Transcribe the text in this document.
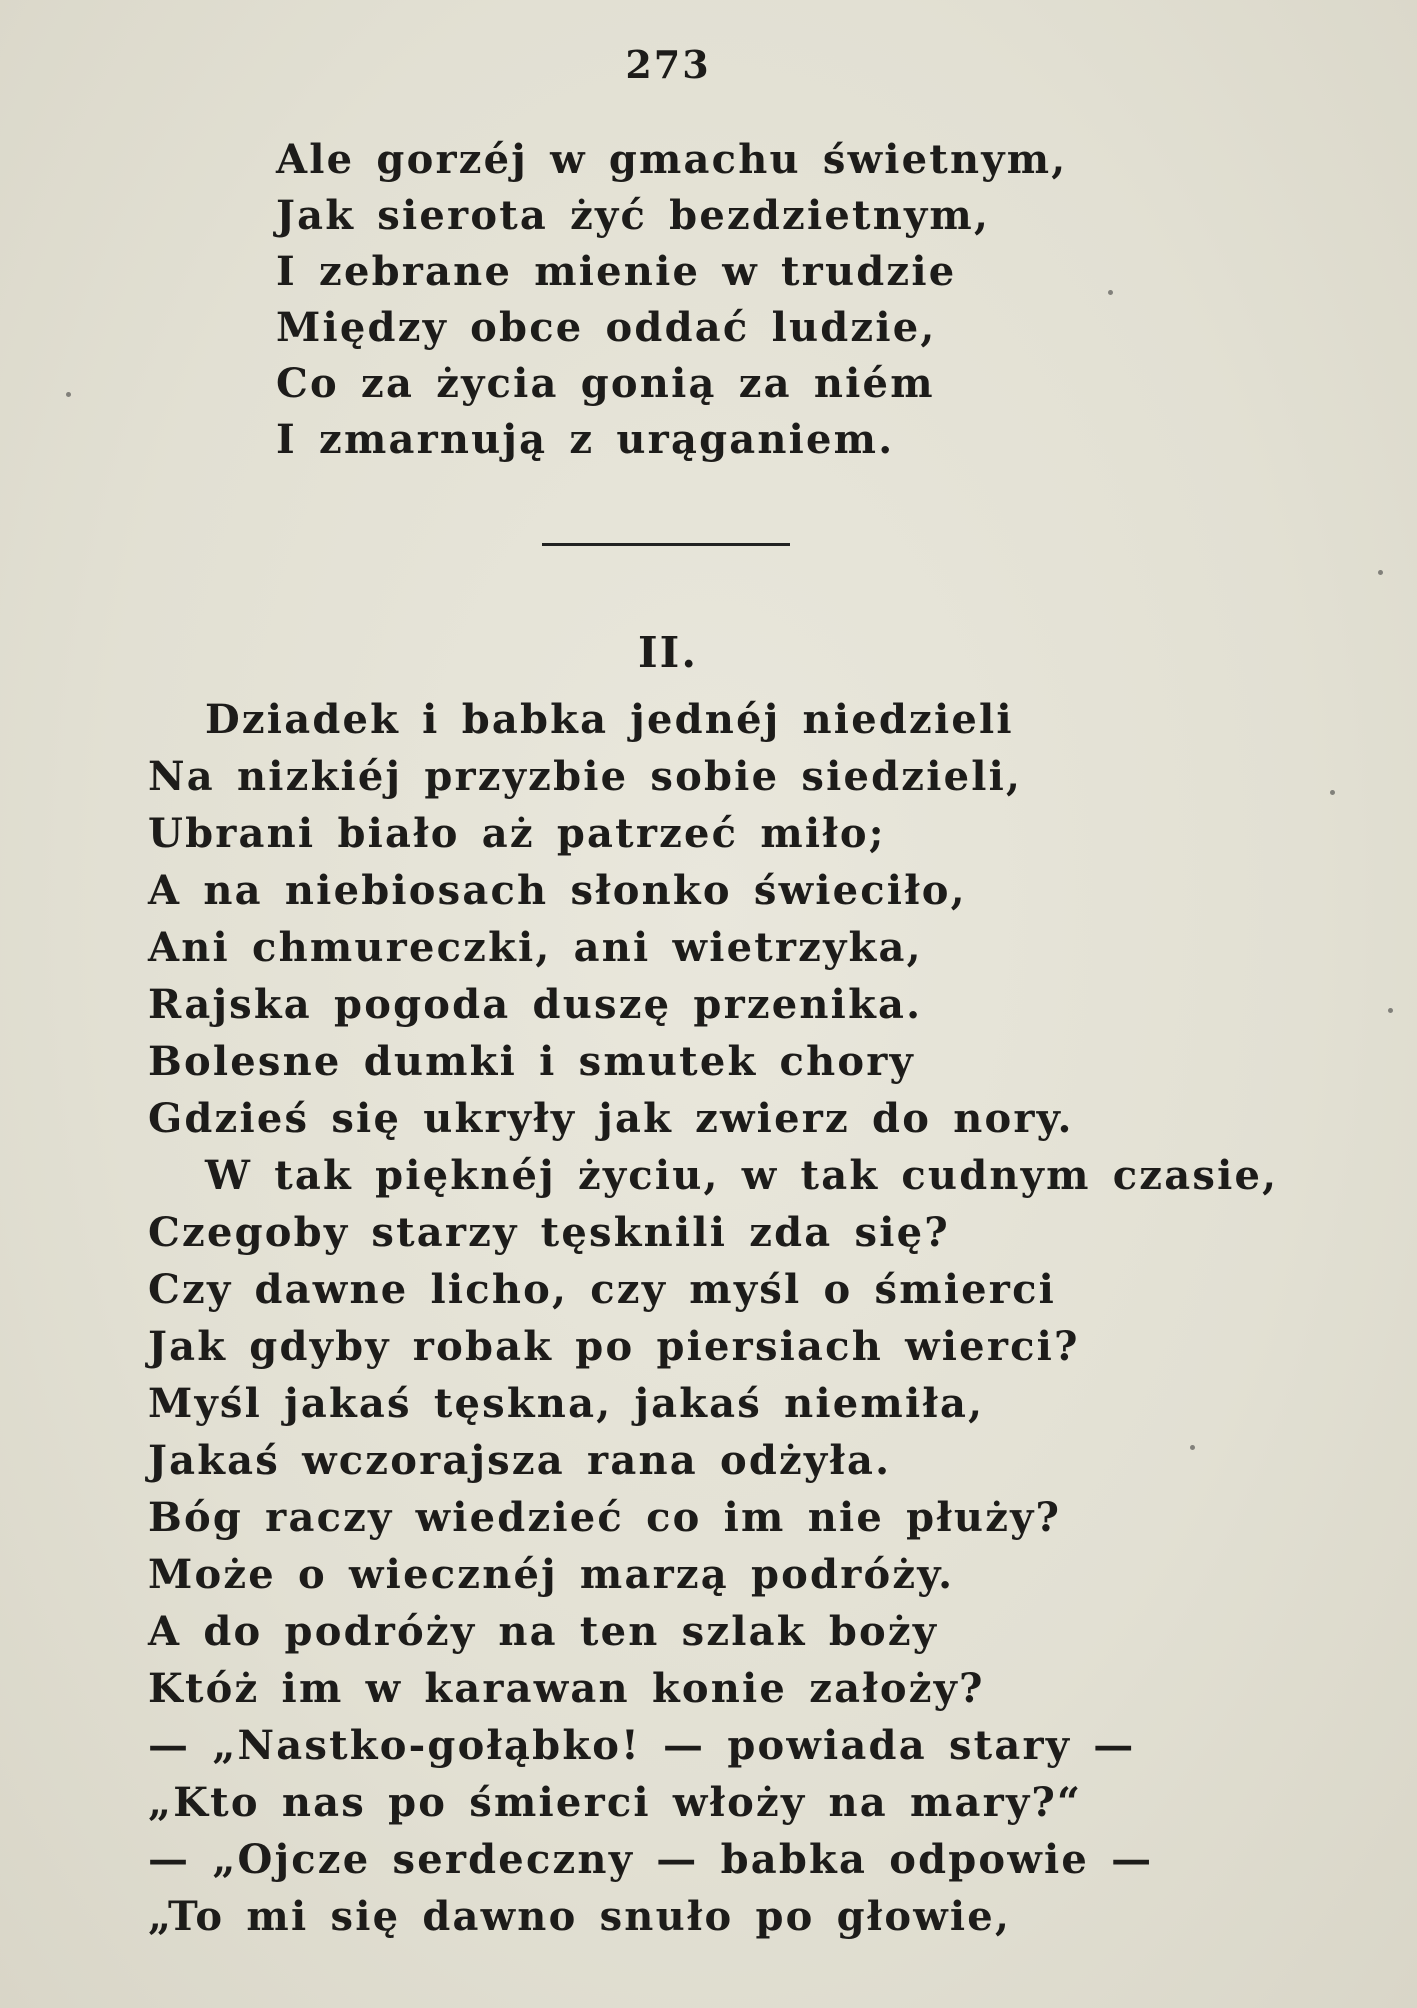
273
Ale gorzéj w gmachu świetnym,
Jak sierota żyć bezdzietnym,
I zebrane mienie w trudzie
Między obce oddać ludzie,
Co za życia gonią za niém
I zmarnują z urąganiem.
II.
Dziadek i babka jednéj niedzieli
Na nizkiéj przyzbie sobie siedzieli,
Ubrani biało aż patrzeć miło;
A na niebiosach słonko świeciło,
Ani chmureczki, ani wietrzyka,
Rajska pogoda duszę przenika.
Bolesne dumki i smutek chory
Gdzieś się ukryły jak zwierz do nory.
W tak pięknéj życiu, w tak cudnym czasie,
Czegoby starzy tęsknili zda się?
Czy dawne licho, czy myśl o śmierci
Jak gdyby robak po piersiach wierci?
Myśl jakaś tęskna, jakaś niemiła,
Jakaś wczorajsza rana odżyła.
Bóg raczy wiedzieć co im nie płuży?
Może o wiecznéj marzą podróży.
A do podróży na ten szlak boży
Któż im w karawan konie założy?
— „Nastko-gołąbko! — powiada stary —
„Kto nas po śmierci włoży na mary?“
— „Ojcze serdeczny — babka odpowie —
„To mi się dawno snuło po głowie,
